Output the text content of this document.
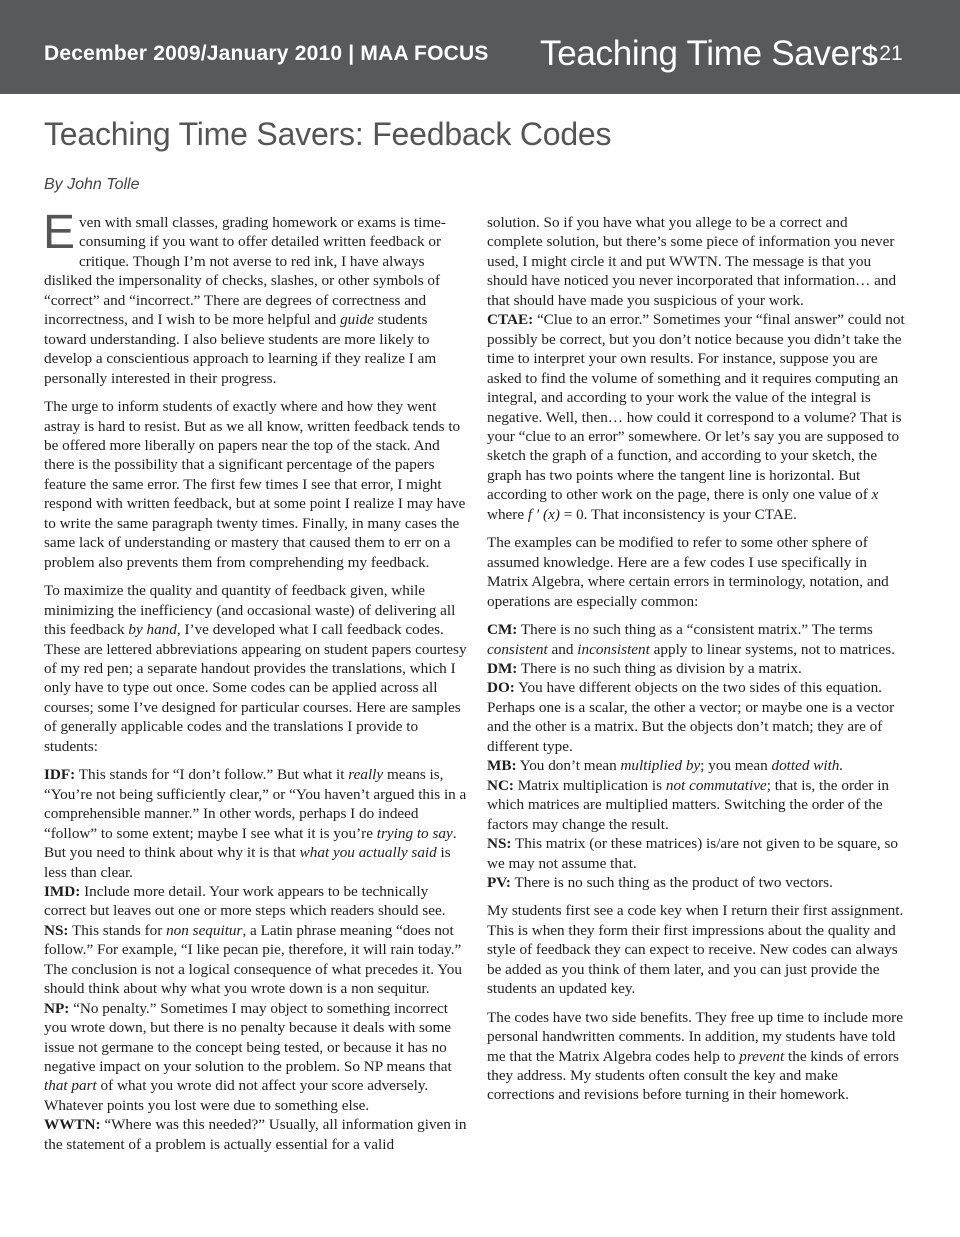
December 2009/January 2010 | MAA FOCUS Teaching Time Savers
| 21
Teaching Time Savers: Feedback Codes
By John Tolle

Even with small classes, grading homework or exams is time-consuming if you want to offer detailed written feedback or critique. Though I’m not averse to red ink, I have always disliked the impersonality of checks, slashes, or other symbols of “correct” and “incorrect.” There are degrees of correctness and incorrectness, and I wish to be more helpful and guide students toward understanding. I also believe students are more likely to develop a conscientious approach to learning if they realize I am personally interested in their progress.

The urge to inform students of exactly where and how they went astray is hard to resist. But as we all know, written feedback tends to be offered more liberally on papers near the top of the stack. And there is the possibility that a significant percentage of the papers feature the same error. The first few times I see that error, I might respond with written feedback, but at some point I realize I may have to write the same paragraph twenty times. Finally, in many cases the same lack of understanding or mastery that caused them to err on a problem also prevents them from comprehending my feedback.

To maximize the quality and quantity of feedback given, while minimizing the inefficiency (and occasional waste) of delivering all this feedback by hand, I’ve developed what I call feedback codes. These are lettered abbreviations appearing on student papers courtesy of my red pen; a separate handout provides the translations, which I only have to type out once. Some codes can be applied across all courses; some I’ve designed for particular courses. Here are samples of generally applicable codes and the translations I provide to students:

IDF: This stands for “I don’t follow.” But what it really means is, “You’re not being sufficiently clear,” or “You haven’t argued this in a comprehensible manner.” In other words, perhaps I do indeed “follow” to some extent; maybe I see what it is you’re trying to say. But you need to think about why it is that what you actually said is less than clear.

IMD: Include more detail. Your work appears to be technically correct but leaves out one or more steps which readers should see.

NS: This stands for non sequitur, a Latin phrase meaning “does not follow.” For example, “I like pecan pie, therefore, it will rain today.” The conclusion is not a logical consequence of what precedes it. You should think about why what you wrote down is a non sequitur.

NP: “No penalty.” Sometimes I may object to something incorrect you wrote down, but there is no penalty because it deals with some issue not germane to the concept being tested, or because it has no negative impact on your solution to the problem. So NP means that that part of what you wrote did not affect your score adversely. Whatever points you lost were due to something else.

WWTN: “Where was this needed?” Usually, all information given in the statement of a problem is actually essential for a valid

solution. So if you have what you allege to be a correct and complete solution, but there’s some piece of information you never used, I might circle it and put WWTN. The message is that you should have noticed you never incorporated that information… and that should have made you suspicious of your work.

CTAE: “Clue to an error.” Sometimes your “final answer” could not possibly be correct, but you don’t notice because you didn’t take the time to interpret your own results. For instance, suppose you are asked to find the volume of something and it requires computing an integral, and according to your work the value of the integral is negative. Well, then… how could it correspond to a volume? That is your “clue to an error” somewhere. Or let’s say you are supposed to sketch the graph of a function, and according to your sketch, the graph has two points where the tangent line is horizontal. But according to other work on the page, there is only one value of x where f ′ (x) = 0. That inconsistency is your CTAE.

The examples can be modified to refer to some other sphere of assumed knowledge. Here are a few codes I use specifically in Matrix Algebra, where certain errors in terminology, notation, and operations are especially common:

CM: There is no such thing as a “consistent matrix.” The terms consistent and inconsistent apply to linear systems, not to matrices.

DM: There is no such thing as division by a matrix.

DO: You have different objects on the two sides of this equation. Perhaps one is a scalar, the other a vector; or maybe one is a vector and the other is a matrix. But the objects don’t match; they are of different type.

MB: You don’t mean multiplied by; you mean dotted with.

NC: Matrix multiplication is not commutative; that is, the order in which matrices are multiplied matters. Switching the order of the factors may change the result.

NS: This matrix (or these matrices) is/are not given to be square, so we may not assume that.

PV: There is no such thing as the product of two vectors.

My students first see a code key when I return their first assignment. This is when they form their first impressions about the quality and style of feedback they can expect to receive. New codes can always be added as you think of them later, and you can just provide the students an updated key.

The codes have two side benefits. They free up time to include more personal handwritten comments. In addition, my students have told me that the Matrix Algebra codes help to prevent the kinds of errors they address. My students often consult the key and make corrections and revisions before turning in their homework.
